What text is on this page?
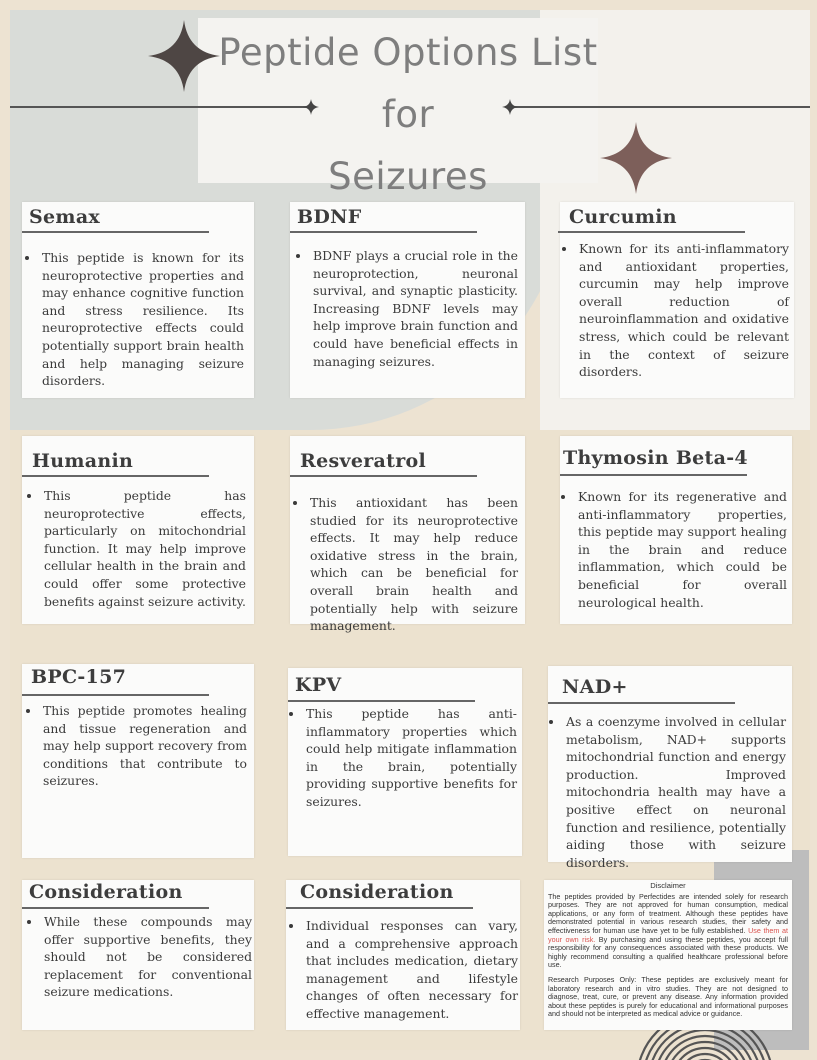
Peptide Options List
for
Seizures
Semax
• This peptide is known for its neuroprotective properties and may enhance cognitive function and stress resilience. Its neuroprotective effects could potentially support brain health and help managing seizure disorders.
BDNF
• BDNF plays a crucial role in the neuroprotection, neuronal survival, and synaptic plasticity. Increasing BDNF levels may help improve brain function and could have beneficial effects in managing seizures.
Curcumin
• Known for its anti-inflammatory and antioxidant properties, curcumin may help improve overall reduction of neuroinflammation and oxidative stress, which could be relevant in the context of seizure disorders.
Humanin
• This peptide has neuroprotective effects, particularly on mitochondrial function. It may help improve cellular health in the brain and could offer some protective benefits against seizure activity.
Resveratrol
• This antioxidant has been studied for its neuroprotective effects. It may help reduce oxidative stress in the brain, which can be beneficial for overall brain health and potentially help with seizure management.
Thymosin Beta-4
• Known for its regenerative and anti-inflammatory properties, this peptide may support healing in the brain and reduce inflammation, which could be beneficial for overall neurological health.
BPC-157
• This peptide promotes healing and tissue regeneration and may help support recovery from conditions that contribute to seizures.
KPV
• This peptide has anti-inflammatory properties which could help mitigate inflammation in the brain, potentially providing supportive benefits for seizures.
NAD+
• As a coenzyme involved in cellular metabolism, NAD+ supports mitochondrial function and energy production. Improved mitochondria health may have a positive effect on neuronal function and resilience, potentially aiding those with seizure disorders.
Consideration
• While these compounds may offer supportive benefits, they should not be considered replacement for conventional seizure medications.
Consideration
• Individual responses can vary, and a comprehensive approach that includes medication, dietary management and lifestyle changes of often necessary for effective management.
Disclaimer

The peptides provided by Perfectides are intended solely for research purposes. They are not approved for human consumption, medical applications, or any form of treatment. Although these peptides have demonstrated potential in various research studies, their safety and effectiveness for human use have yet to be fully established. Use them at your own risk. By purchasing and using these peptides, you accept full responsibility for any consequences associated with these products. We highly recommend consulting a qualified healthcare professional before use.

Research Purposes Only: These peptides are exclusively meant for laboratory research and in vitro studies. They are not designed to diagnose, treat, cure, or prevent any disease. Any information provided about these peptides is purely for educational and informational purposes and should not be interpreted as medical advice or guidance.
